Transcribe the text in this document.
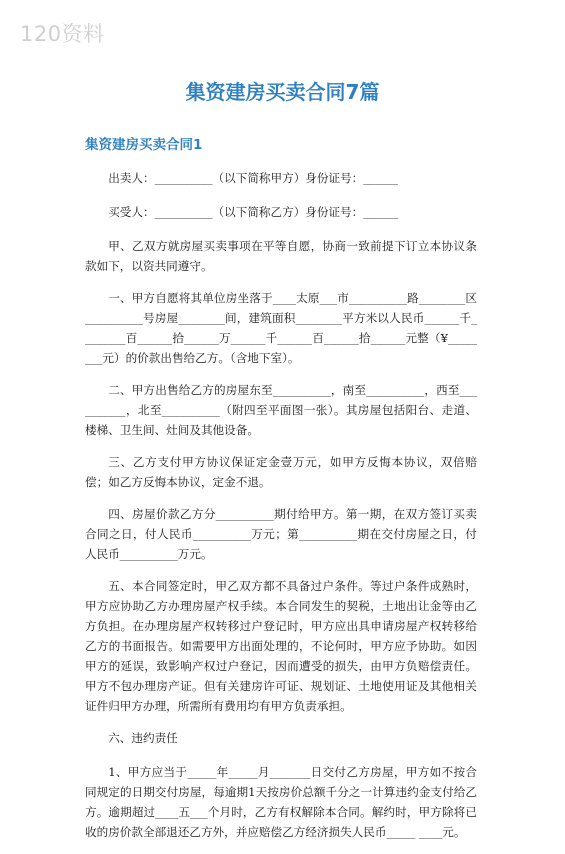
120资料
集资建房买卖合同7篇
集资建房买卖合同1

出卖人：__________（以下简称甲方）身份证号：______

买受人：__________（以下简称乙方）身份证号：______

甲、乙双方就房屋买卖事项在平等自愿，协商一致前提下订立本协议条款如下，以资共同遵守。

一、甲方自愿将其单位房坐落于____太原___市__________路________区__________号房屋________间，建筑面积________平方米以人民币______千________百______拾______万______千______百______拾______元整（¥________元）的价款出售给乙方。（含地下室）。

二、甲方出售给乙方的房屋东至__________，南至__________，西至__________，北至__________（附四至平面图一张）。其房屋包括阳台、走道、楼梯、卫生间、灶间及其他设备。

三、乙方支付甲方协议保证定金壹万元，如甲方反悔本协议，双倍赔偿；如乙方反悔本协议，定金不退。

四、房屋价款乙方分__________期付给甲方。第一期，在双方签订买卖合同之日，付人民币__________万元；第__________期在交付房屋之日，付人民币__________万元。

五、本合同签定时，甲乙双方都不具备过户条件。等过户条件成熟时，甲方应协助乙方办理房屋产权手续。本合同发生的契税，土地出让金等由乙方负担。在办理房屋产权转移过户登记时，甲方应出具申请房屋产权转移给乙方的书面报告。如需要甲方出面处理的，不论何时，甲方应予协助。如因甲方的延误，致影响产权过户登记，因而遭受的损失，由甲方负赔偿责任。甲方不包办理房产证。但有关建房许可证、规划证、土地使用证及其他相关证件归甲方办理，所需所有费用均有甲方负责承担。

六、违约责任

1、甲方应当于_____年_____月_______日交付乙方房屋，甲方如不按合同规定的日期交付房屋，每逾期1天按房价总额千分之一计算违约金支付给乙方。逾期超过____五___个月时，乙方有权解除本合同。解约时，甲方除将已收的房价款全部退还乙方外，并应赔偿乙方经济损失人民币_____ ____元。
